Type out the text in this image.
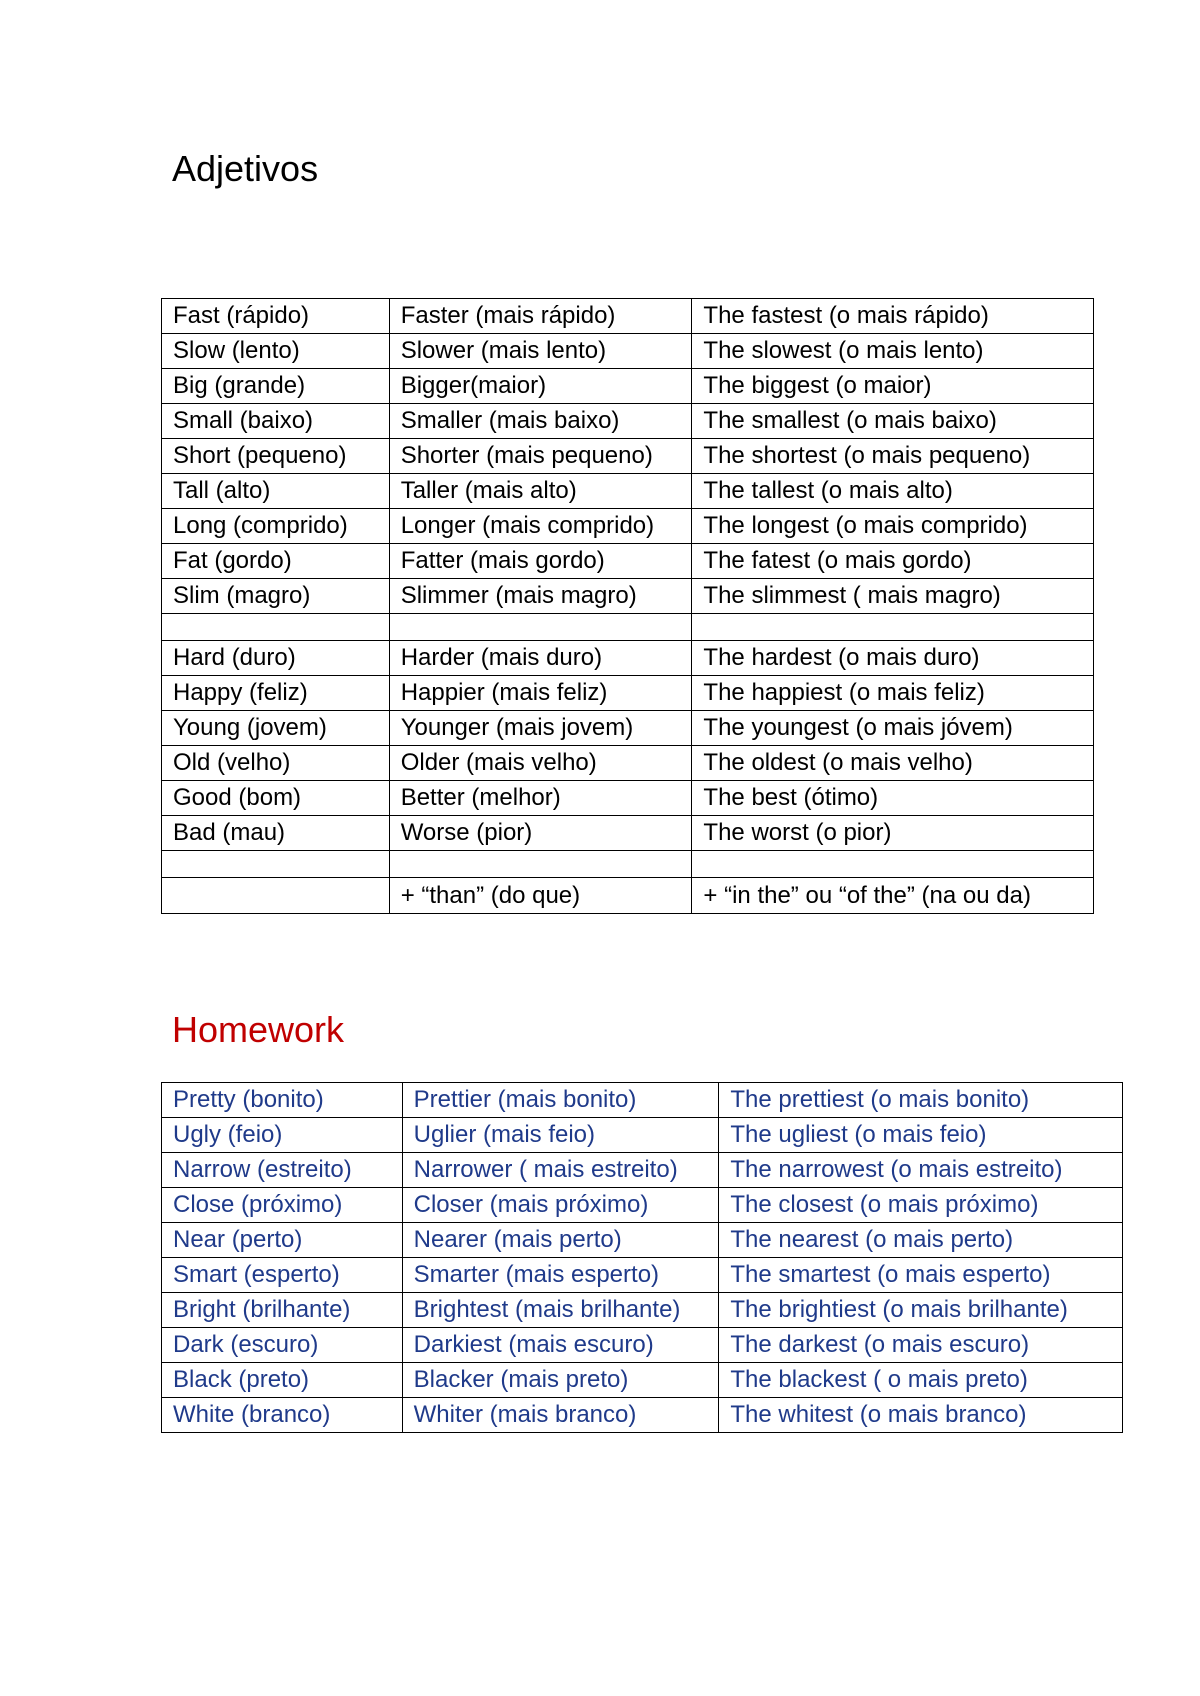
Adjetivos
Fast (rápido)	Faster (mais rápido)	The fastest (o mais rápido)
Slow (lento)	Slower (mais lento)	The slowest (o mais lento)
Big (grande)	Bigger(maior)	The biggest (o maior)
Small (baixo)	Smaller (mais baixo)	The smallest (o mais baixo)
Short (pequeno)	Shorter (mais pequeno)	The shortest (o mais pequeno)
Tall (alto)	Taller (mais alto)	The tallest (o mais alto)
Long (comprido)	Longer (mais comprido)	The longest (o mais comprido)
Fat (gordo)	Fatter (mais gordo)	The fatest (o mais gordo)
Slim (magro)	Slimmer (mais magro)	The slimmest ( mais magro)

Hard (duro)	Harder (mais duro)	The hardest (o mais duro)
Happy (feliz)	Happier (mais feliz)	The happiest (o mais feliz)
Young (jovem)	Younger (mais jovem)	The youngest (o mais jóvem)
Old (velho)	Older (mais velho)	The oldest (o mais velho)
Good (bom)	Better (melhor)	The best (ótimo)
Bad (mau)	Worse (pior)	The worst (o pior)

	+ “than” (do que)	+ “in the” ou “of the” (na ou da)
Homework
Pretty (bonito)	Prettier (mais bonito)	The prettiest (o mais bonito)
Ugly (feio)	Uglier (mais feio)	The ugliest (o mais feio)
Narrow (estreito)	Narrower ( mais estreito)	The narrowest (o mais estreito)
Close (próximo)	Closer (mais próximo)	The closest (o mais próximo)
Near (perto)	Nearer (mais perto)	The nearest (o mais perto)
Smart (esperto)	Smarter (mais esperto)	The smartest (o mais esperto)
Bright (brilhante)	Brightest (mais brilhante)	The brightiest (o mais brilhante)
Dark (escuro)	Darkiest (mais escuro)	The darkest (o mais escuro)
Black (preto)	Blacker (mais preto)	The blackest ( o mais preto)
White (branco)	Whiter (mais branco)	The whitest (o mais branco)
